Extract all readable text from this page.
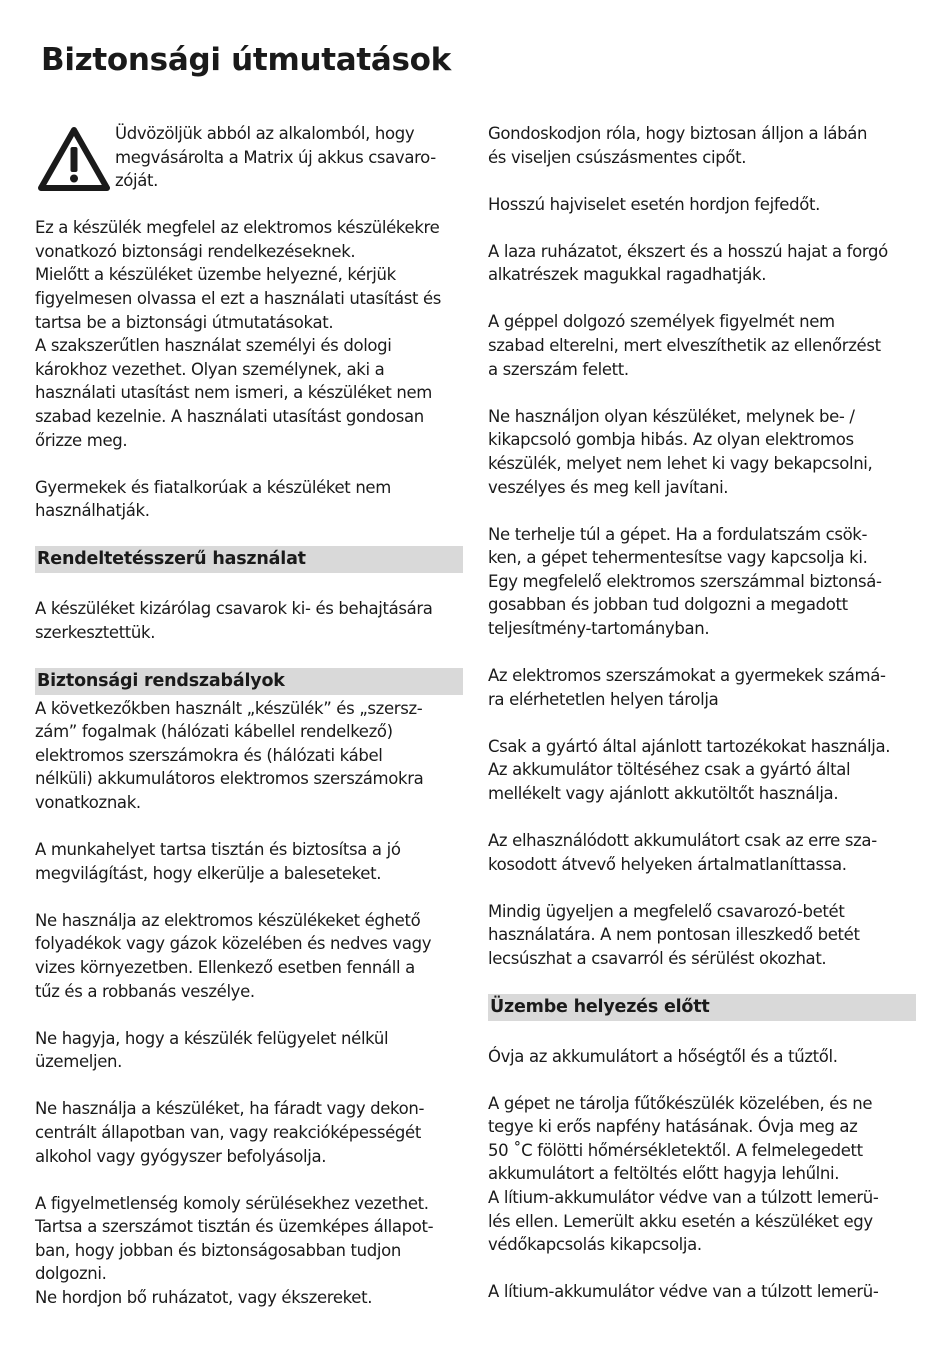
Biztonsági útmutatások

Üdvözöljük abból az alkalomból, hogy
megvásárolta a Matrix új akkus csavaro-
zóját.

Ez a készülék megfelel az elektromos készülékekre
vonatkozó biztonsági rendelkezéseknek.
Mielőtt a készüléket üzembe helyezné, kérjük
figyelmesen olvassa el ezt a használati utasítást és
tartsa be a biztonsági útmutatásokat.
A szakszerűtlen használat személyi és dologi
károkhoz vezethet. Olyan személynek, aki a
használati utasítást nem ismeri, a készüléket nem
szabad kezelnie. A használati utasítást gondosan
őrizze meg.

Gyermekek és fiatalkorúak a készüléket nem
használhatják.

Rendeltetésszerű használat

A készüléket kizárólag csavarok ki- és behajtására
szerkesztettük.

Biztonsági rendszabályok

A következőkben használt „készülék” és „szersz-
zám” fogalmak (hálózati kábellel rendelkező)
elektromos szerszámokra és (hálózati kábel
nélküli) akkumulátoros elektromos szerszámokra
vonatkoznak.

A munkahelyet tartsa tisztán és biztosítsa a jó
megvilágítást, hogy elkerülje a baleseteket.

Ne használja az elektromos készülékeket éghető
folyadékok vagy gázok közelében és nedves vagy
vizes környezetben. Ellenkező esetben fennáll a
tűz és a robbanás veszélye.

Ne hagyja, hogy a készülék felügyelet nélkül
üzemeljen.

Ne használja a készüléket, ha fáradt vagy dekon-
centrált állapotban van, vagy reakcióképességét
alkohol vagy gyógyszer befolyásolja.

A figyelmetlenség komoly sérülésekhez vezethet.
Tartsa a szerszámot tisztán és üzemképes állapot-
ban, hogy jobban és biztonságosabban tudjon
dolgozni.
Ne hordjon bő ruházatot, vagy ékszereket.

Gondoskodjon róla, hogy biztosan álljon a lábán
és viseljen csúszásmentes cipőt.

Hosszú hajviselet esetén hordjon fejfedőt.

A laza ruházatot, ékszert és a hosszú hajat a forgó
alkatrészek magukkal ragadhatják.

A géppel dolgozó személyek figyelmét nem
szabad elterelni, mert elveszíthetik az ellenőrzést
a szerszám felett.

Ne használjon olyan készüléket, melynek be- /
kikapcsoló gombja hibás. Az olyan elektromos
készülék, melyet nem lehet ki vagy bekapcsolni,
veszélyes és meg kell javítani.

Ne terhelje túl a gépet. Ha a fordulatszám csök-
ken, a gépet tehermentesítse vagy kapcsolja ki.
Egy megfelelő elektromos szerszámmal biztonsá-
gosabban és jobban tud dolgozni a megadott
teljesítmény-tartományban.

Az elektromos szerszámokat a gyermekek számá-
ra elérhetetlen helyen tárolja

Csak a gyártó által ajánlott tartozékokat használja.
Az akkumulátor töltéséhez csak a gyártó által
mellékelt vagy ajánlott akkutöltőt használja.

Az elhasználódott akkumulátort csak az erre sza-
kosodott átvevő helyeken ártalmatlaníttassa.

Mindig ügyeljen a megfelelő csavarozó-betét
használatára. A nem pontosan illeszkedő betét
lecsúszhat a csavarról és sérülést okozhat.

Üzembe helyezés előtt

Óvja az akkumulátort a hőségtől és a tűztől.

A gépet ne tárolja fűtőkészülék közelében, és ne
tegye ki erős napfény hatásának. Óvja meg az
50 ˚C fölötti hőmérsékletektől. A felmelegedett
akkumulátort a feltöltés előtt hagyja lehűlni.
A lítium-akkumulátor védve van a túlzott lemerü-
lés ellen. Lemerült akku esetén a készüléket egy
védőkapcsolás kikapcsolja.

A lítium-akkumulátor védve van a túlzott lemerü-
